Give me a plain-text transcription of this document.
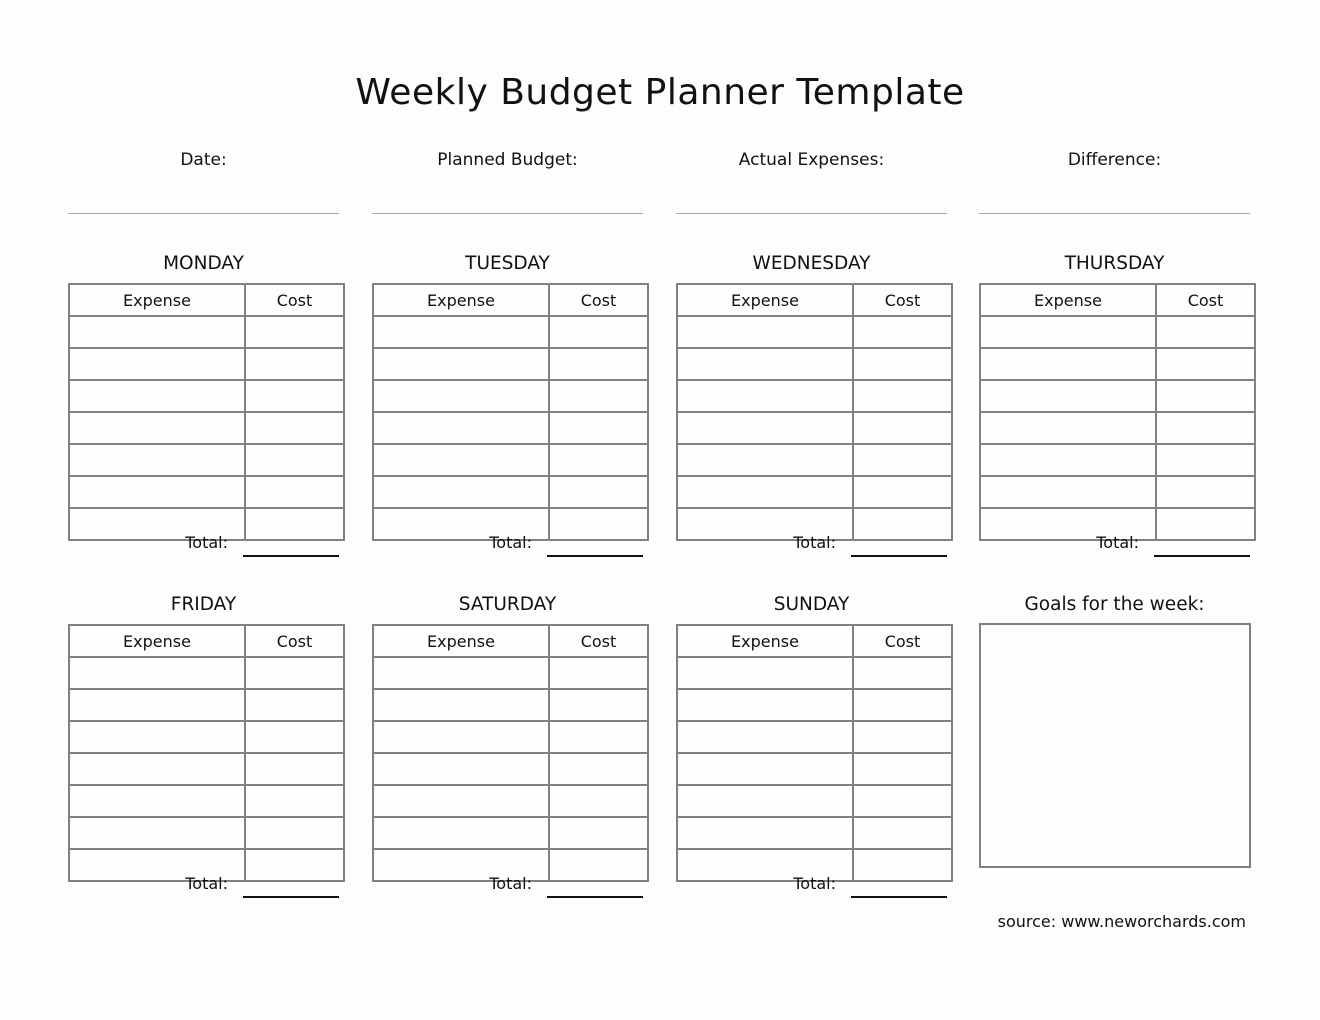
Weekly Budget Planner Template
Date:	Planned Budget:	Actual Expenses:	Difference:
MONDAY
Expense	Cost

Total:
TUESDAY
Expense	Cost

Total:
WEDNESDAY
Expense	Cost

Total:
THURSDAY
Expense	Cost

Total:
FRIDAY
Expense	Cost

Total:
SATURDAY
Expense	Cost

Total:
SUNDAY
Expense	Cost

Total:
Goals for the week:
source: www.neworchards.com
